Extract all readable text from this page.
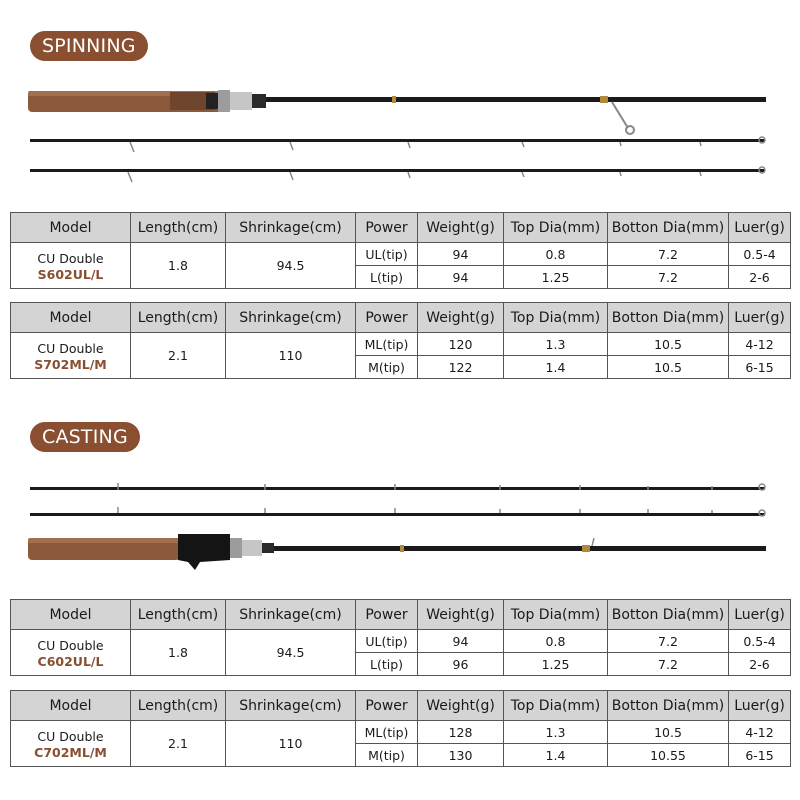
SPINNING
Model	Length(cm)	Shrinkage(cm)	Power	Weight(g)	Top Dia(mm)	Botton Dia(mm)	Luer(g)

CU Double
S602UL/L	1.8	94.5	UL(tip)	94	0.8	7.2	0.5-4
			L(tip)	94	1.25	7.2	2-6
Model	Length(cm)	Shrinkage(cm)	Power	Weight(g)	Top Dia(mm)	Botton Dia(mm)	Luer(g)

CU Double
S702ML/M	2.1	110	ML(tip)	120	1.3	10.5	4-12
			M(tip)	122	1.4	10.5	6-15
CASTING
Model	Length(cm)	Shrinkage(cm)	Power	Weight(g)	Top Dia(mm)	Botton Dia(mm)	Luer(g)

CU Double
C602UL/L	1.8	94.5	UL(tip)	94	0.8	7.2	0.5-4
			L(tip)	96	1.25	7.2	2-6
Model	Length(cm)	Shrinkage(cm)	Power	Weight(g)	Top Dia(mm)	Botton Dia(mm)	Luer(g)

CU Double
C702ML/M	2.1	110	ML(tip)	128	1.3	10.5	4-12
			M(tip)	130	1.4	10.55	6-15
